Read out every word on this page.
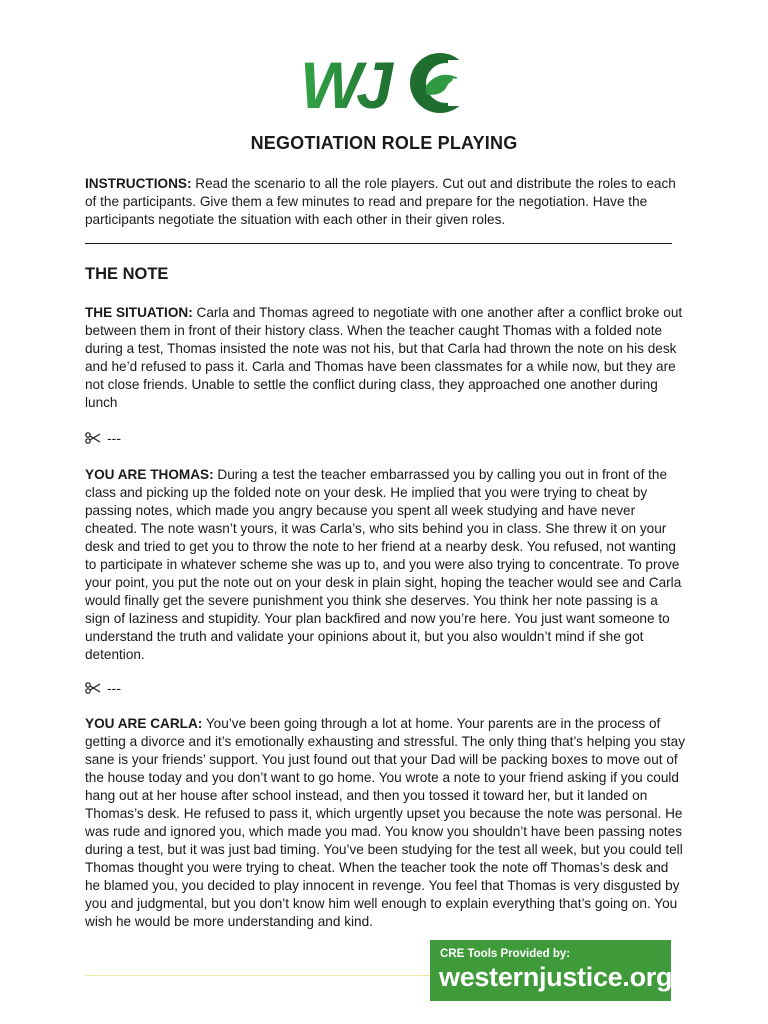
WJ
NEGOTIATION ROLE PLAYING
INSTRUCTIONS: Read the scenario to all the role players. Cut out and distribute the roles to each of the participants. Give them a few minutes to read and prepare for the negotiation. Have the participants negotiate the situation with each other in their given roles.
THE NOTE
THE SITUATION: Carla and Thomas agreed to negotiate with one another after a conflict broke out between them in front of their history class. When the teacher caught Thomas with a folded note during a test, Thomas insisted the note was not his, but that Carla had thrown the note on his desk and he’d refused to pass it. Carla and Thomas have been classmates for a while now, but they are not close friends. Unable to settle the conflict during class, they approached one another during lunch
---
YOU ARE THOMAS: During a test the teacher embarrassed you by calling you out in front of the class and picking up the folded note on your desk. He implied that you were trying to cheat by passing notes, which made you angry because you spent all week studying and have never cheated. The note wasn’t yours, it was Carla’s, who sits behind you in class. She threw it on your desk and tried to get you to throw the note to her friend at a nearby desk. You refused, not wanting to participate in whatever scheme she was up to, and you were also trying to concentrate. To prove your point, you put the note out on your desk in plain sight, hoping the teacher would see and Carla would finally get the severe punishment you think she deserves. You think her note passing is a sign of laziness and stupidity. Your plan backfired and now you’re here. You just want someone to understand the truth and validate your opinions about it, but you also wouldn’t mind if she got detention.
---
YOU ARE CARLA: You’ve been going through a lot at home. Your parents are in the process of getting a divorce and it’s emotionally exhausting and stressful. The only thing that’s helping you stay sane is your friends’ support. You just found out that your Dad will be packing boxes to move out of the house today and you don’t want to go home. You wrote a note to your friend asking if you could hang out at her house after school instead, and then you tossed it toward her, but it landed on Thomas’s desk. He refused to pass it, which urgently upset you because the note was personal. He was rude and ignored you, which made you mad. You know you shouldn’t have been passing notes during a test, but it was just bad timing. You’ve been studying for the test all week, but you could tell Thomas thought you were trying to cheat. When the teacher took the note off Thomas’s desk and he blamed you, you decided to play innocent in revenge. You feel that Thomas is very disgusted by you and judgmental, but you don’t know him well enough to explain everything that’s going on. You wish he would be more understanding and kind.
CRE Tools Provided by:
westernjustice.org
